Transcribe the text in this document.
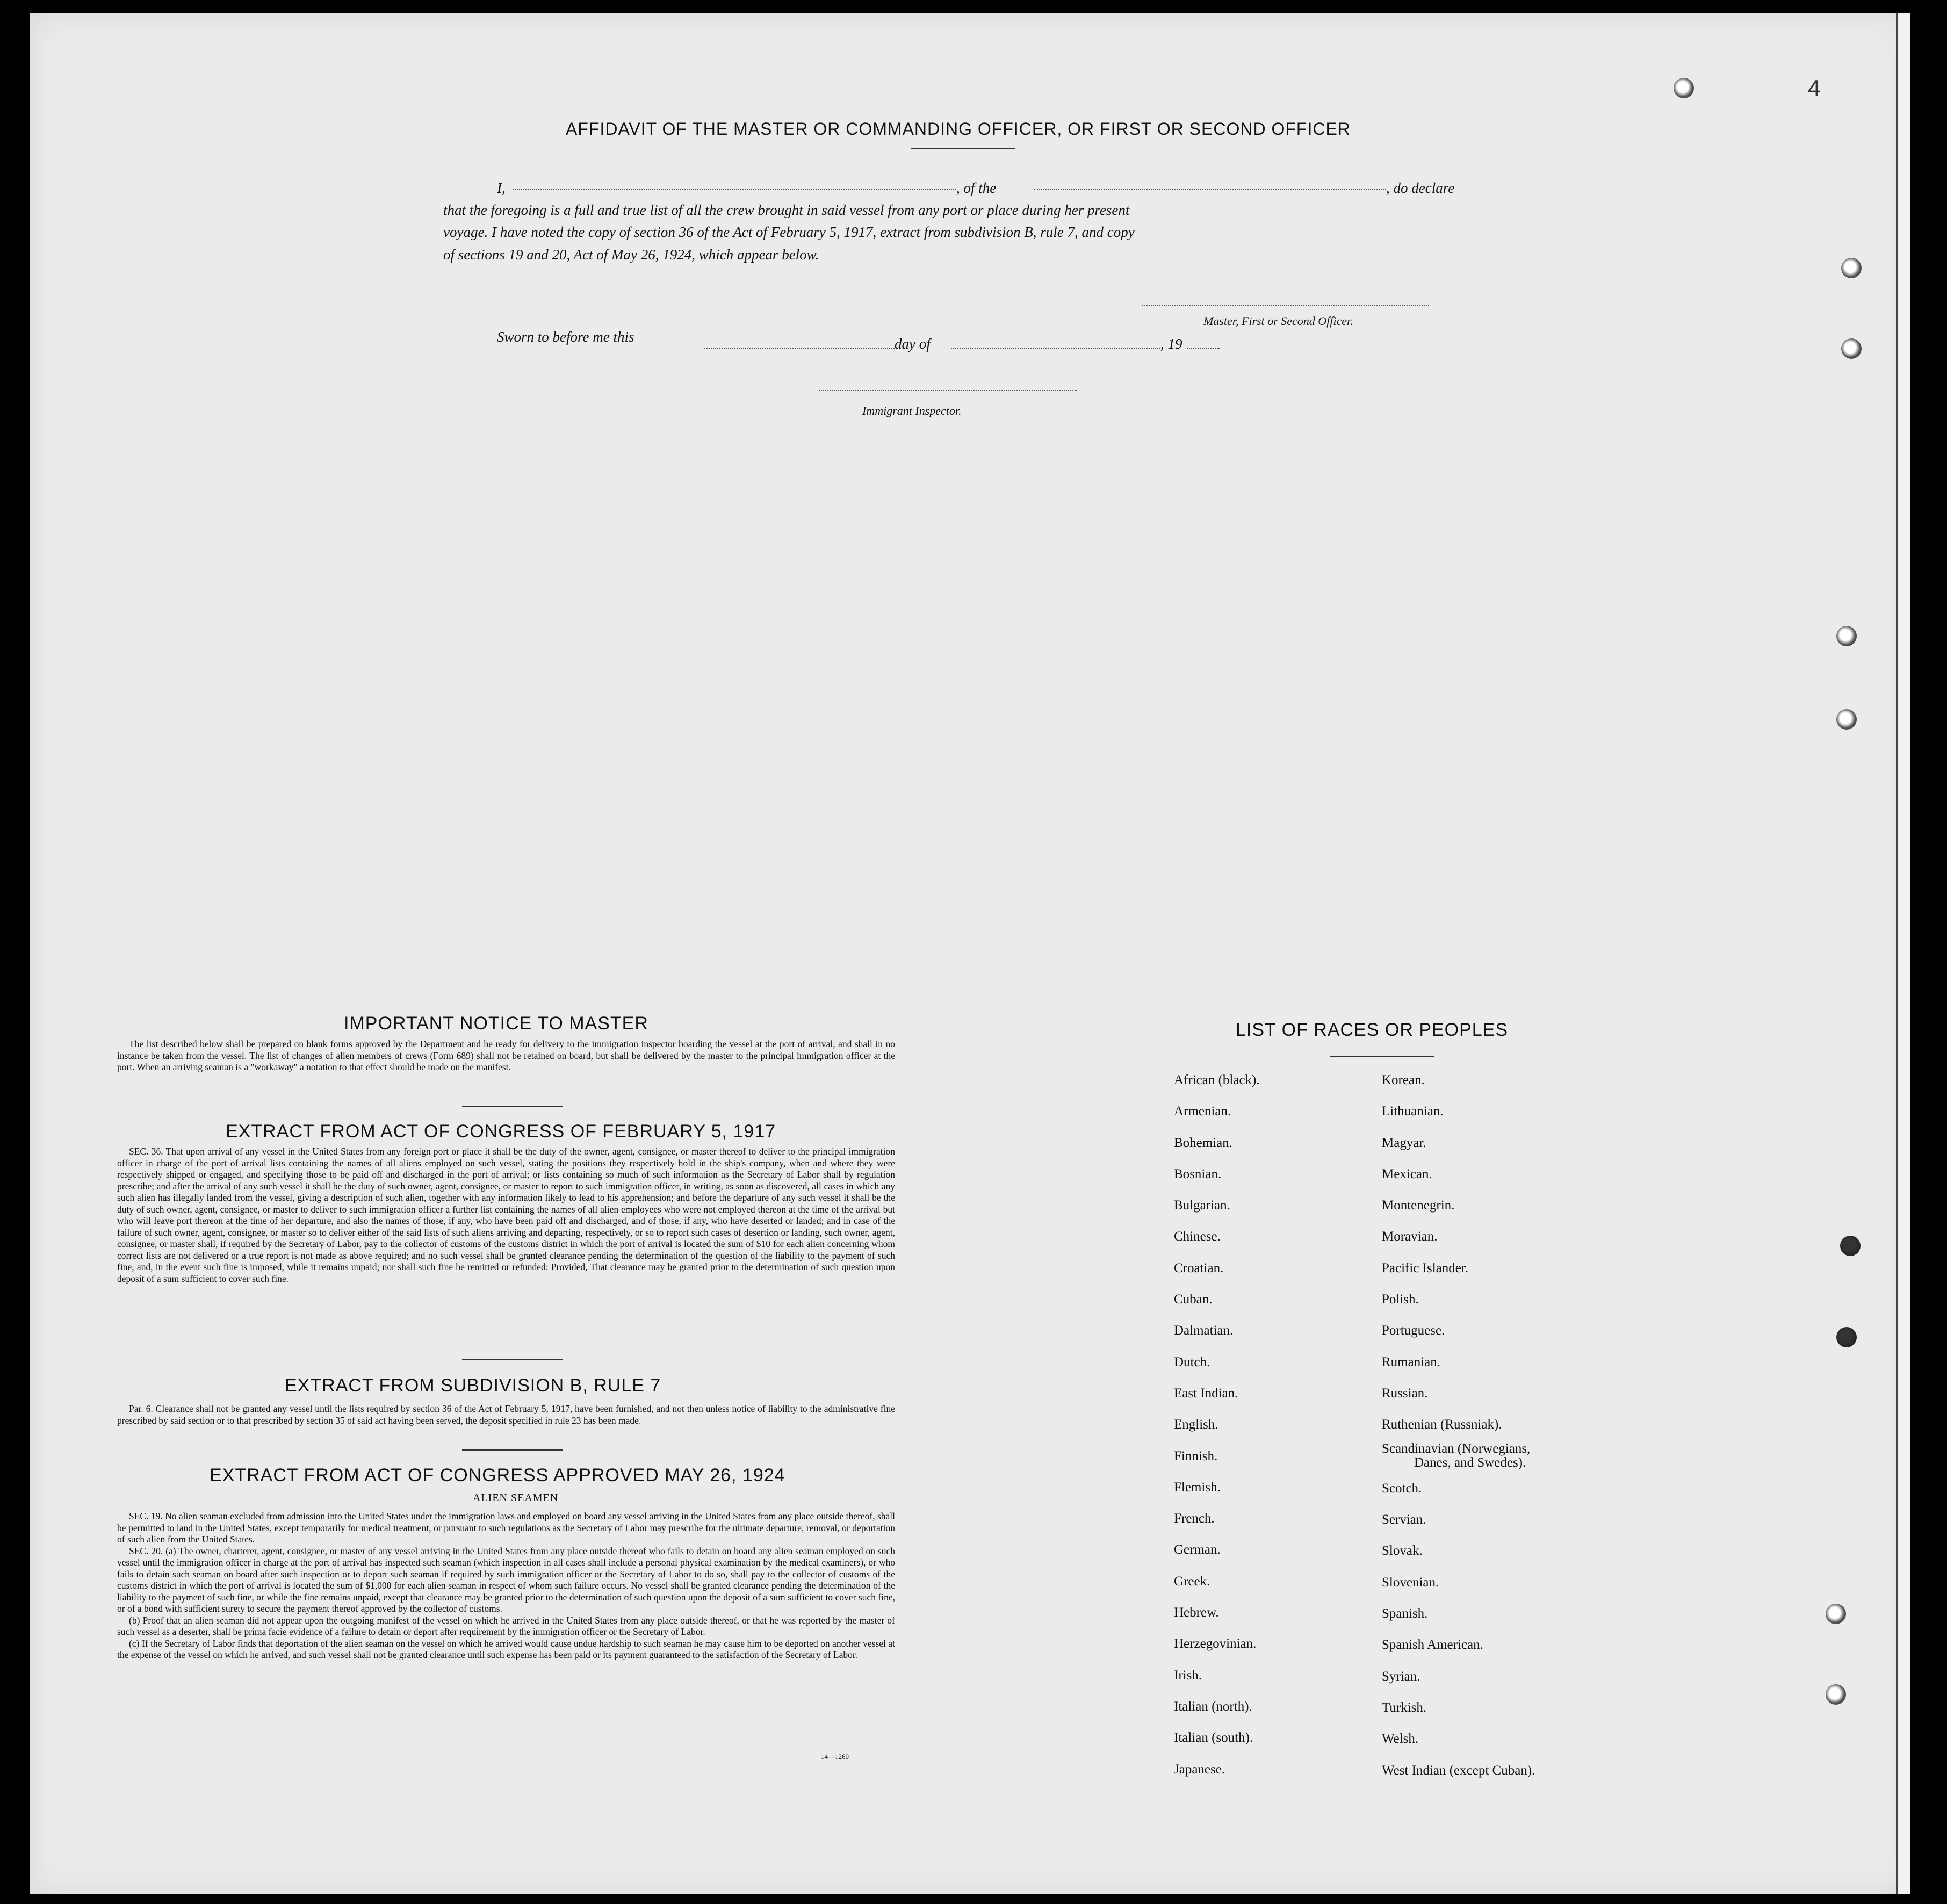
4
AFFIDAVIT OF THE MASTER OR COMMANDING OFFICER, OR FIRST OR SECOND OFFICER
I,	, of the	, do declare
that the foregoing is a full and true list of all the crew brought in said vessel from any port or place during her present
voyage. I have noted the copy of section 36 of the Act of February 5, 1917, extract from subdivision B, rule 7, and copy
of sections 19 and 20, Act of May 26, 1924, which appear below.
Master, First or Second Officer.
Sworn to before me this	day of	, 19
Immigrant Inspector.
IMPORTANT NOTICE TO MASTER

The list described below shall be prepared on blank forms approved by the Department and be ready for delivery to the immigration inspector boarding the vessel at the port of arrival, and shall in no instance be taken from the vessel. The list of changes of alien members of crews (Form 689) shall not be retained on board, but shall be delivered by the master to the principal immigration officer at the port. When an arriving seaman is a "workaway" a notation to that effect should be made on the manifest.

EXTRACT FROM ACT OF CONGRESS OF FEBRUARY 5, 1917

SEC. 36. That upon arrival of any vessel in the United States from any foreign port or place it shall be the duty of the owner, agent, consignee, or master thereof to deliver to the principal immigration officer in charge of the port of arrival lists containing the names of all aliens employed on such vessel, stating the positions they respectively hold in the ship's company, when and where they were respectively shipped or engaged, and specifying those to be paid off and discharged in the port of arrival; or lists containing so much of such information as the Secretary of Labor shall by regulation prescribe; and after the arrival of any such vessel it shall be the duty of such owner, agent, consignee, or master to report to such immigration officer, in writing, as soon as discovered, all cases in which any such alien has illegally landed from the vessel, giving a description of such alien, together with any information likely to lead to his apprehension; and before the departure of any such vessel it shall be the duty of such owner, agent, consignee, or master to deliver to such immigration officer a further list containing the names of all alien employees who were not employed thereon at the time of the arrival but who will leave port thereon at the time of her departure, and also the names of those, if any, who have been paid off and discharged, and of those, if any, who have deserted or landed; and in case of the failure of such owner, agent, consignee, or master so to deliver either of the said lists of such aliens arriving and departing, respectively, or so to report such cases of desertion or landing, such owner, agent, consignee, or master shall, if required by the Secretary of Labor, pay to the collector of customs of the customs district in which the port of arrival is located the sum of $10 for each alien concerning whom correct lists are not delivered or a true report is not made as above required; and no such vessel shall be granted clearance pending the determination of the question of the liability to the payment of such fine, and, in the event such fine is imposed, while it remains unpaid; nor shall such fine be remitted or refunded: Provided, That clearance may be granted prior to the determination of such question upon deposit of a sum sufficient to cover such fine.

EXTRACT FROM SUBDIVISION B, RULE 7

Par. 6. Clearance shall not be granted any vessel until the lists required by section 36 of the Act of February 5, 1917, have been furnished, and not then unless notice of liability to the administrative fine prescribed by said section or to that prescribed by section 35 of said act having been served, the deposit specified in rule 23 has been made.

EXTRACT FROM ACT OF CONGRESS APPROVED MAY 26, 1924
ALIEN SEAMEN

SEC. 19. No alien seaman excluded from admission into the United States under the immigration laws and employed on board any vessel arriving in the United States from any place outside thereof, shall be permitted to land in the United States, except temporarily for medical treatment, or pursuant to such regulations as the Secretary of Labor may prescribe for the ultimate departure, removal, or deportation of such alien from the United States.

SEC. 20. (a) The owner, charterer, agent, consignee, or master of any vessel arriving in the United States from any place outside thereof who fails to detain on board any alien seaman employed on such vessel until the immigration officer in charge at the port of arrival has inspected such seaman (which inspection in all cases shall include a personal physical examination by the medical examiners), or who fails to detain such seaman on board after such inspection or to deport such seaman if required by such immigration officer or the Secretary of Labor to do so, shall pay to the collector of customs of the customs district in which the port of arrival is located the sum of $1,000 for each alien seaman in respect of whom such failure occurs. No vessel shall be granted clearance pending the determination of the liability to the payment of such fine, or while the fine remains unpaid, except that clearance may be granted prior to the determination of such question upon the deposit of a sum sufficient to cover such fine, or of a bond with sufficient surety to secure the payment thereof approved by the collector of customs.

(b) Proof that an alien seaman did not appear upon the outgoing manifest of the vessel on which he arrived in the United States from any place outside thereof, or that he was reported by the master of such vessel as a deserter, shall be prima facie evidence of a failure to detain or deport after requirement by the immigration officer or the Secretary of Labor.

(c) If the Secretary of Labor finds that deportation of the alien seaman on the vessel on which he arrived would cause undue hardship to such seaman he may cause him to be deported on another vessel at the expense of the vessel on which he arrived, and such vessel shall not be granted clearance until such expense has been paid or its payment guaranteed to the satisfaction of the Secretary of Labor.

14—1260
LIST OF RACES OR PEOPLES
African (black).
Armenian.
Bohemian.
Bosnian.
Bulgarian.
Chinese.
Croatian.
Cuban.
Dalmatian.
Dutch.
East Indian.
English.
Finnish.
Flemish.
French.
German.
Greek.
Hebrew.
Herzegovinian.
Irish.
Italian (north).
Italian (south).
Japanese.
Korean.
Lithuanian.
Magyar.
Mexican.
Montenegrin.
Moravian.
Pacific Islander.
Polish.
Portuguese.
Rumanian.
Russian.
Ruthenian (Russniak).
Scandinavian (Norwegians,
Danes, and Swedes).
Scotch.
Servian.
Slovak.
Slovenian.
Spanish.
Spanish American.
Syrian.
Turkish.
Welsh.
West Indian (except Cuban).
